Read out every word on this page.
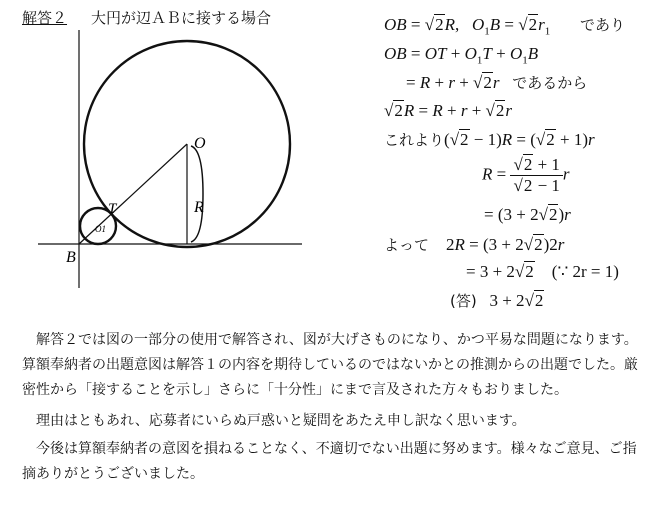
解答２ 大円が辺ＡＢに接する場合
O
R
T
O1
B
OB = √2R,   $O_1B = √2r_1$ であり
OB = OT + $O_1T + O_1B$
= R + r + √2r であるから
√2R = R + r + √2r
これより(√2 − 1)R = (√2 + 1)r
$R = \frac{√2 + 1}{√2 - 1}$ r
= (3 + 2√2)r
よって    2R = (3 + 2√2)2r
= 3 + 2√2 (∵ 2r = 1)
(答)   3 + 2√2
解答２では図の一部分の使用で解答され、図が大げさものになり、かつ平易な問題になります。算額奉納者の出題意図は解答１の内容を期待しているのではないかとの推測からの出題でした。厳密性から「接することを示し」さらに「十分性」にまで言及された方々もおりました。
理由はともあれ、応募者にいらぬ戸惑いと疑問をあたえ申し訳なく思います。
今後は算額奉納者の意図を損ねることなく、不適切でない出題に努めます。様々なご意見、ご指摘ありがとうございました。
